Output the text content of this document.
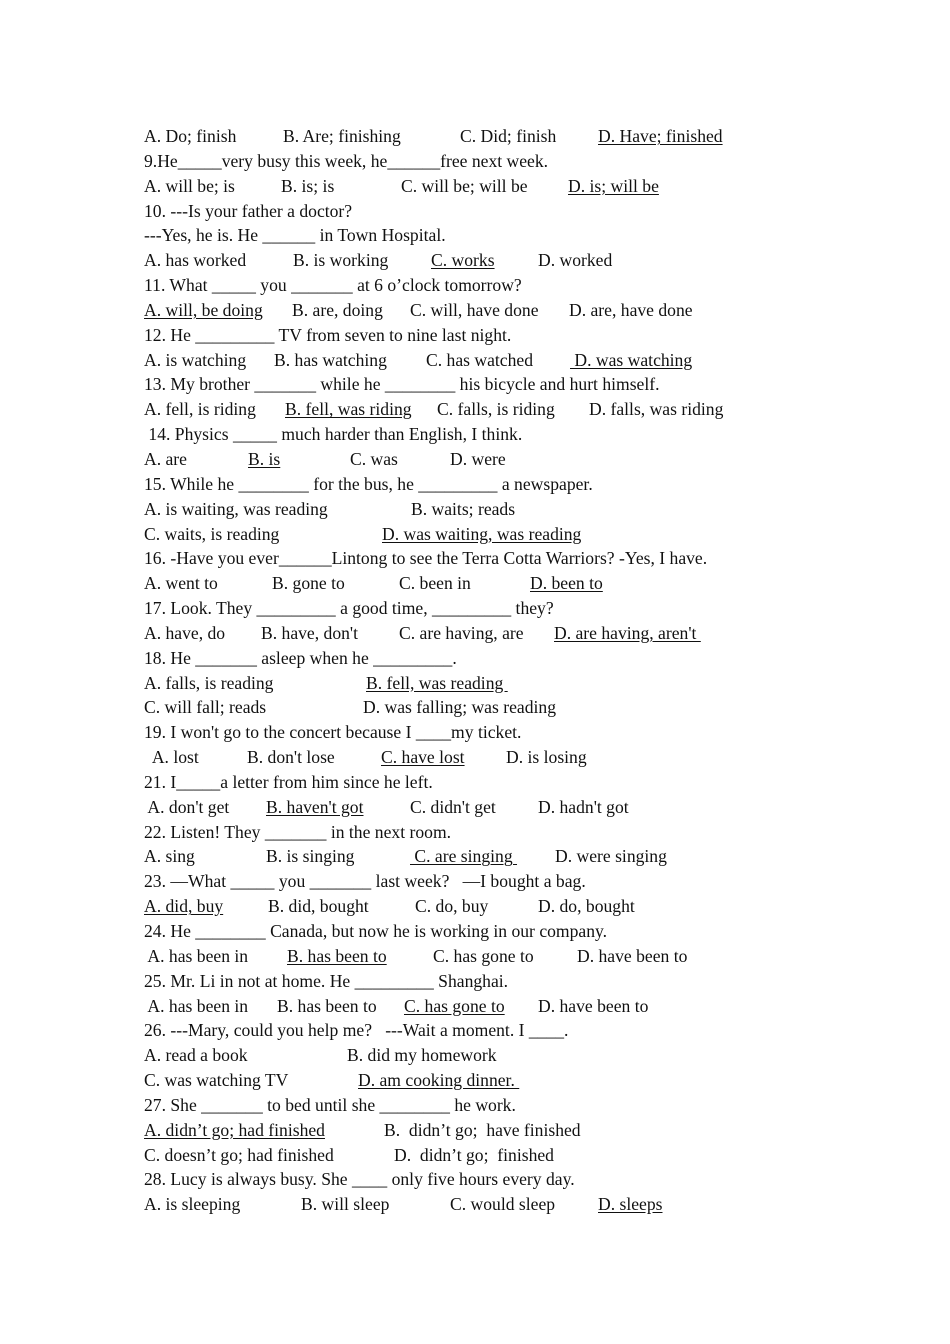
A. Do; finish	B. Are; finishing	C. Did; finish D. Have; finished
9.He_____very busy this week, he______free next week.
A. will be; is	B. is; is	C. will be; will be D. is; will be
10. ---Is your father a doctor?
---Yes, he is. He ______ in Town Hospital.
A. has worked	B. is working C. works D. worked
11. What _____ you _______ at 6 o’clock tomorrow?
A. will, be doing B. are, doing C. will, have done D. are, have done
12. He _________ TV from seven to nine last night.
A. is watching B. has watching C. has watched D. was watching
13. My brother _______ while he ________ his bicycle and hurt himself.
A. fell, is riding B. fell, was riding C. falls, is riding D. falls, was riding
14. Physics _____ much harder than English, I think.
A. are	B. is	C. was	D. were
15. While he ________ for the bus, he _________ a newspaper.
A. is waiting, was reading	B. waits; reads
C. waits, is reading	D. was waiting, was reading
16. -Have you ever______Lintong to see the Terra Cotta Warriors? -Yes, I have.
A. went to	B. gone to	C. been in	D. been to
17. Look. They _________ a good time, _________ they?
A. have, do B. have, don't C. are having, are D. are having, aren't
18. He _______ asleep when he _________.
A. falls, is reading	B. fell, was reading
C. will fall; reads	D. was falling; was reading
19. I won't go to the concert because I ____my ticket.
A. lost	B. don't lose	C. have lost D. is losing
21. I_____a letter from him since he left.
A. don't get B. haven't got	C. didn't get D. hadn't got
22. Listen! They _______ in the next room.
A. sing	B. is singing	C. are singing D. were singing
23. —What _____ you _______ last week?   —I bought a bag.
A. did, buy	B. did, bought	C. do, buy	D. do, bought
24. He ________ Canada, but now he is working in our company.
A. has been in B. has been to	C. has gone to D. have been to
25. Mr. Li in not at home. He _________ Shanghai.
A. has been in B. has been to C. has gone to D. have been to
26. ---Mary, could you help me?   ---Wait a moment. I ____.
A. read a book	B. did my homework
C. was watching TV	D. am cooking dinner.
27. She _______ to bed until she ________ he work.
A. didn’t go; had finished	B.  didn’t go;  have finished
C. doesn’t go; had finished	D.  didn’t go;  finished
28. Lucy is always busy. She ____ only five hours every day.
A. is sleeping	B. will sleep	C. would sleep D. sleeps
